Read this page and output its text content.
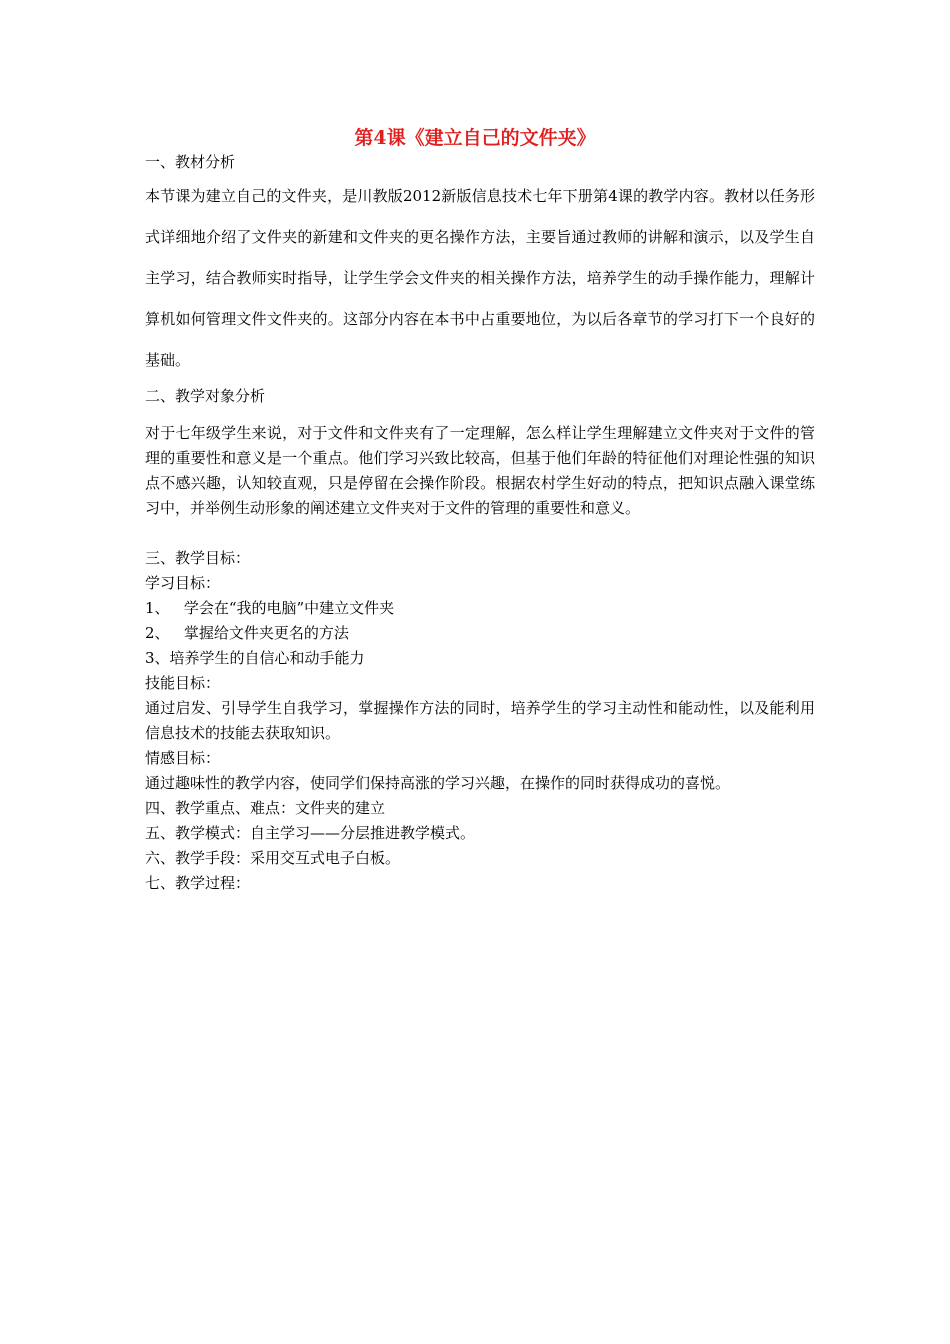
第4课《建立自己的文件夹》
一、教材分析
本节课为建立自己的文件夹，是川教版2012新版信息技术七年下册第4课的教学内容。教材以任务形式详细地介绍了文件夹的新建和文件夹的更名操作方法，主要旨通过教师的讲解和演示，以及学生自主学习，结合教师实时指导，让学生学会文件夹的相关操作方法，培养学生的动手操作能力，理解计算机如何管理文件文件夹的。这部分内容在本书中占重要地位，为以后各章节的学习打下一个良好的基础。
二、教学对象分析
对于七年级学生来说，对于文件和文件夹有了一定理解，怎么样让学生理解建立文件夹对于文件的管理的重要性和意义是一个重点。他们学习兴致比较高，但基于他们年龄的特征他们对理论性强的知识点不感兴趣，认知较直观，只是停留在会操作阶段。根据农村学生好动的特点，把知识点融入课堂练习中，并举例生动形象的阐述建立文件夹对于文件的管理的重要性和意义。
三、教学目标：
学习目标：
1、   学会在“我的电脑”中建立文件夹
2、   掌握给文件夹更名的方法
3、培养学生的自信心和动手能力
技能目标：
通过启发、引导学生自我学习，掌握操作方法的同时，培养学生的学习主动性和能动性，以及能利用信息技术的技能去获取知识。
情感目标：
通过趣味性的教学内容，使同学们保持高涨的学习兴趣，在操作的同时获得成功的喜悦。
四、教学重点、难点：文件夹的建立
五、教学模式：自主学习——分层推进教学模式。
六、教学手段：采用交互式电子白板。
七、教学过程：
